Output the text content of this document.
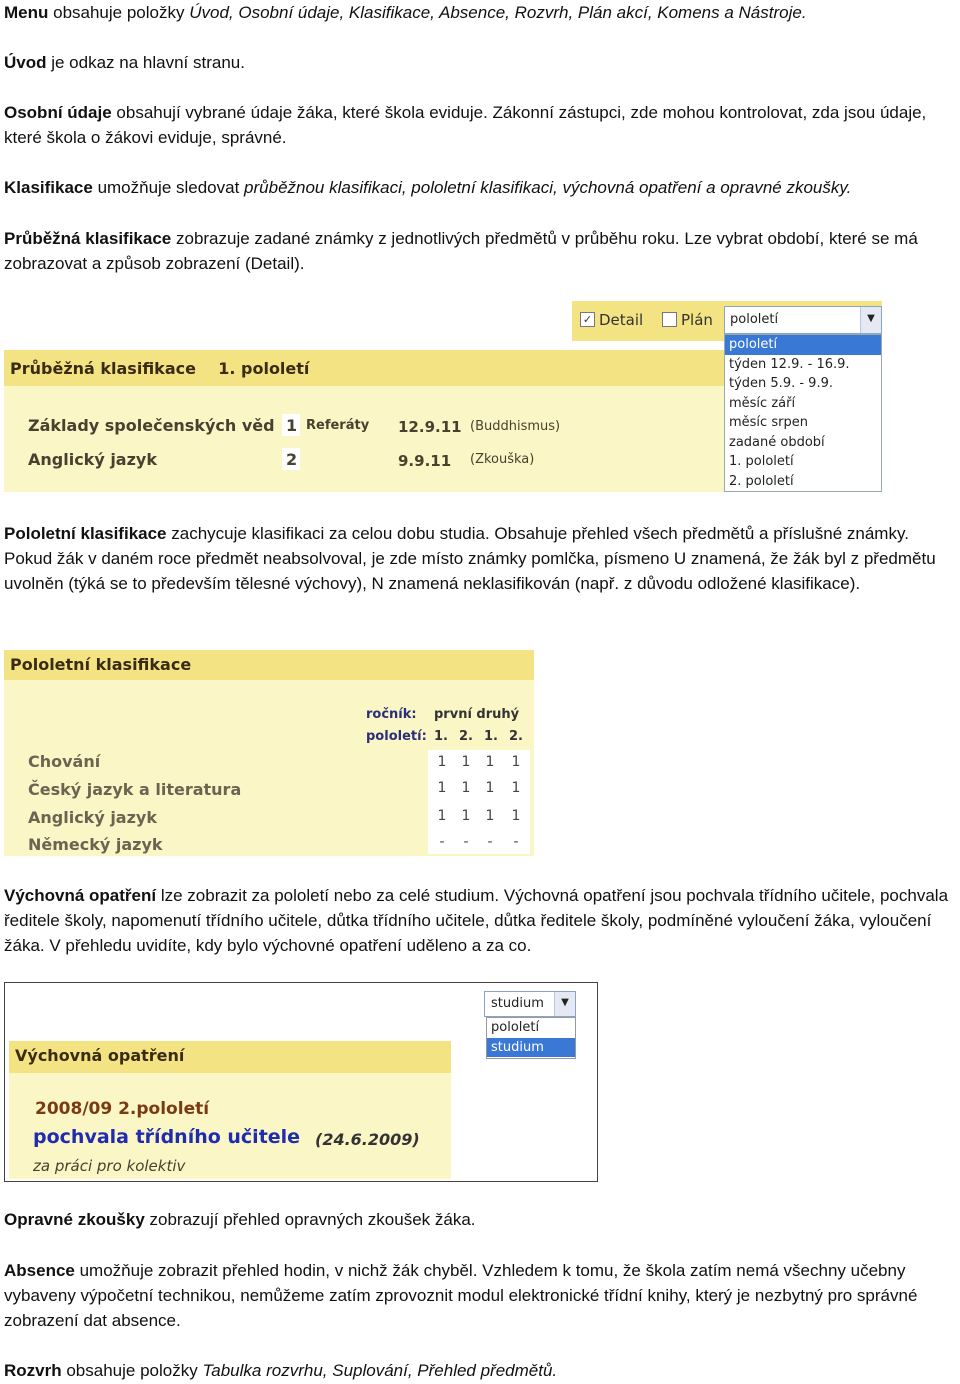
Menu obsahuje položky Úvod, Osobní údaje, Klasifikace, Absence, Rozvrh, Plán akcí, Komens a Nástroje.
Úvod je odkaz na hlavní stranu.
Osobní údaje obsahují vybrané údaje žáka, které škola eviduje. Zákonní zástupci, zde mohou kontrolovat, zda jsou údaje, které škola o žákovi eviduje, správné.
Klasifikace umožňuje sledovat průběžnou klasifikaci, pololetní klasifikaci, výchovná opatření a opravné zkoušky.
Průběžná klasifikace zobrazuje zadané známky z jednotlivých předmětů v průběhu roku. Lze vybrat období, které se má zobrazovat a způsob zobrazení (Detail).
Průběžná klasifikace    1. pololetí
✓ Detail	Plán	pololetí	▼
pololetí
týden 12.9. - 16.9.
týden 5.9. - 9.9.
měsíc září
měsíc srpen
zadané období
1. pololetí
2. pololetí
Základy společenských věd 1 Referáty 12.9.11 (Buddhismus)
Anglický jazyk	2	9.9.11 (Zkouška)
Pololetní klasifikace zachycuje klasifikaci za celou dobu studia. Obsahuje přehled všech předmětů a příslušné známky. Pokud žák v daném roce předmět neabsolvoval, je zde místo známky pomlčka, písmeno U znamená, že žák byl z předmětu uvolněn (týká se to především tělesné výchovy), N znamená neklasifikován (např. z důvodu odložené klasifikace).
Pololetní klasifikace
ročník: první druhý
pololetí: 1. 2. 1. 2.
Chování	1	1	1	1
Český jazyk a literatura	1	1	1	1
Anglický jazyk	1	1	1	1
Německý jazyk	-	-	-	-
Výchovná opatření lze zobrazit za pololetí nebo za celé studium. Výchovná opatření jsou pochvala třídního učitele, pochvala ředitele školy, napomenutí třídního učitele, důtka třídního učitele, důtka ředitele školy, podmíněné vyloučení žáka, vyloučení žáka. V přehledu uvidíte, kdy bylo výchovné opatření uděleno a za co.
Výchovná opatření
2008/09 2.pololetí
pochvala třídního učitele (24.6.2009)
za práci pro kolektiv
studium	▼
pololetí
studium
Opravné zkoušky zobrazují přehled opravných zkoušek žáka.
Absence umožňuje zobrazit přehled hodin, v nichž žák chyběl. Vzhledem k tomu, že škola zatím nemá všechny učebny vybaveny výpočetní technikou, nemůžeme zatím zprovoznit modul elektronické třídní knihy, který je nezbytný pro správné zobrazení dat absence.
Rozvrh obsahuje položky Tabulka rozvrhu, Suplování, Přehled předmětů.
